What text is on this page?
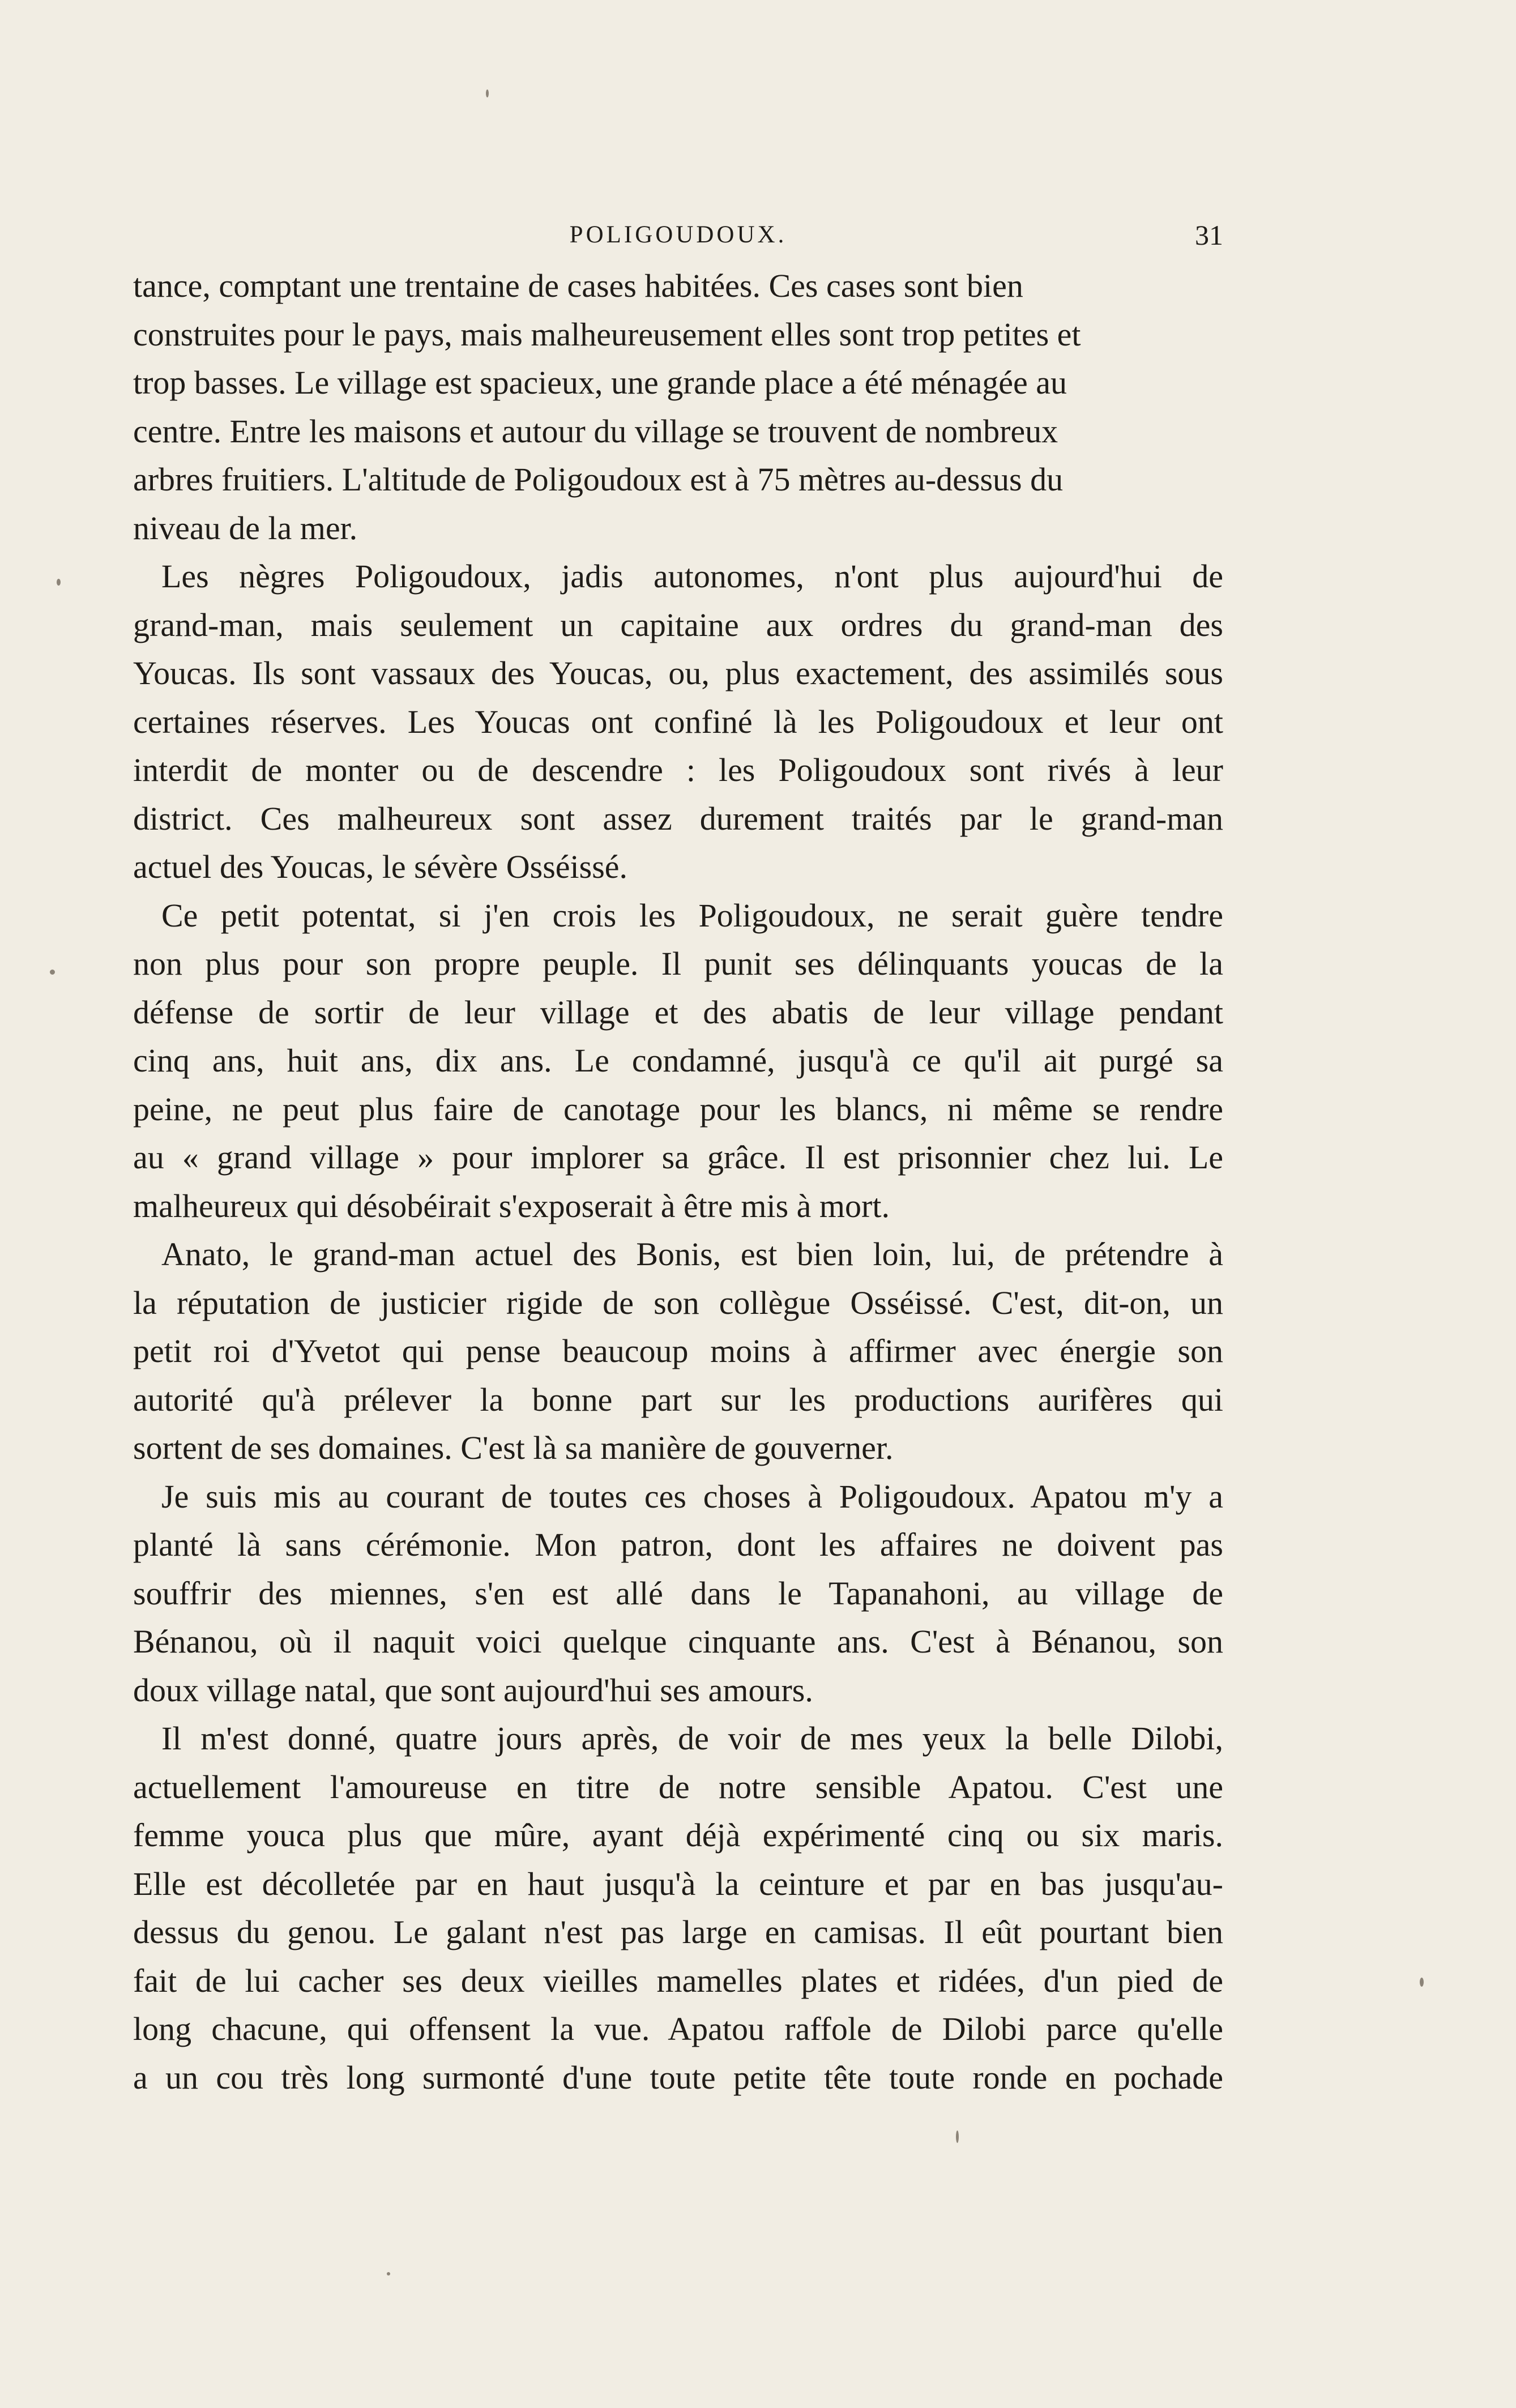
POLIGOUDOUX.	31
tance, comptant une trentaine de cases habitées. Ces cases sont bien
construites pour le pays, mais malheureusement elles sont trop petites et
trop basses. Le village est spacieux, une grande place a été ménagée au
centre. Entre les maisons et autour du village se trouvent de nombreux
arbres fruitiers. L'altitude de Poligoudoux est à 75 mètres au-dessus du
niveau de la mer.
Les nègres Poligoudoux, jadis autonomes, n'ont plus aujourd'hui de
grand-man, mais seulement un capitaine aux ordres du grand-man des
Youcas. Ils sont vassaux des Youcas, ou, plus exactement, des assimilés sous
certaines réserves. Les Youcas ont confiné là les Poligoudoux et leur ont
interdit de monter ou de descendre : les Poligoudoux sont rivés à leur
district. Ces malheureux sont assez durement traités par le grand-man
actuel des Youcas, le sévère Osséissé.
Ce petit potentat, si j'en crois les Poligoudoux, ne serait guère tendre
non plus pour son propre peuple. Il punit ses délinquants youcas de la
défense de sortir de leur village et des abatis de leur village pendant
cinq ans, huit ans, dix ans. Le condamné, jusqu'à ce qu'il ait purgé sa
peine, ne peut plus faire de canotage pour les blancs, ni même se rendre
au « grand village » pour implorer sa grâce. Il est prisonnier chez lui. Le
malheureux qui désobéirait s'exposerait à être mis à mort.
Anato, le grand-man actuel des Bonis, est bien loin, lui, de prétendre à
la réputation de justicier rigide de son collègue Osséissé. C'est, dit-on, un
petit roi d'Yvetot qui pense beaucoup moins à affirmer avec énergie son
autorité qu'à prélever la bonne part sur les productions aurifères qui
sortent de ses domaines. C'est là sa manière de gouverner.
Je suis mis au courant de toutes ces choses à Poligoudoux. Apatou m'y a
planté là sans cérémonie. Mon patron, dont les affaires ne doivent pas
souffrir des miennes, s'en est allé dans le Tapanahoni, au village de
Bénanou, où il naquit voici quelque cinquante ans. C'est à Bénanou, son
doux village natal, que sont aujourd'hui ses amours.
Il m'est donné, quatre jours après, de voir de mes yeux la belle Dilobi,
actuellement l'amoureuse en titre de notre sensible Apatou. C'est une
femme youca plus que mûre, ayant déjà expérimenté cinq ou six maris.
Elle est décolletée par en haut jusqu'à la ceinture et par en bas jusqu'au-
dessus du genou. Le galant n'est pas large en camisas. Il eût pourtant bien
fait de lui cacher ses deux vieilles mamelles plates et ridées, d'un pied de
long chacune, qui offensent la vue. Apatou raffole de Dilobi parce qu'elle
a un cou très long surmonté d'une toute petite tête toute ronde en pochade
